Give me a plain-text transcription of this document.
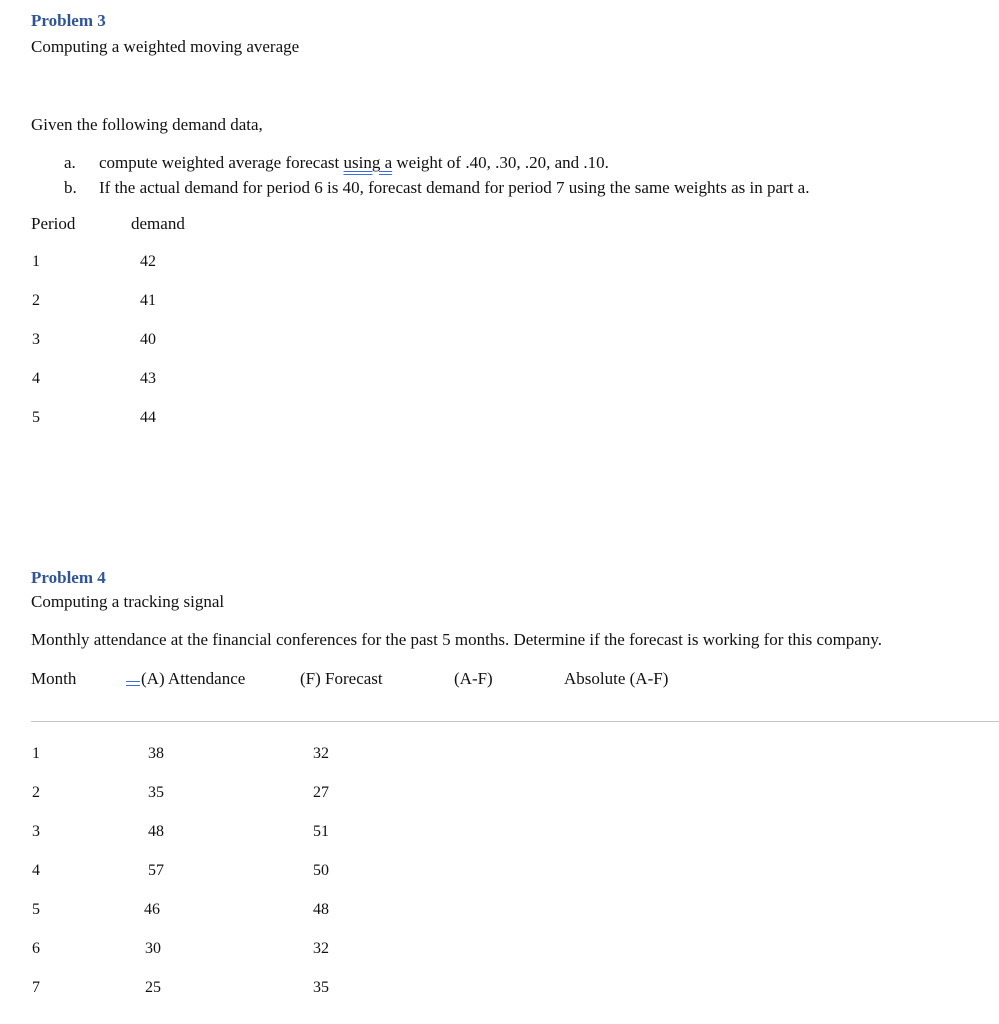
Problem 3
Computing a weighted moving average
Given the following demand data,
a. compute weighted average forecast using a weight of .40, .30, .20, and .10.
b. If the actual demand for period 6 is 40, forecast demand for period 7 using the same weights as in part a.
Period	demand
1	42
2	41
3	40
4	43
5	44
Problem 4
Computing a tracking signal
Monthly attendance at the financial conferences for the past 5 months. Determine if the forecast is working for this company.
Month	(A) Attendance	(F) Forecast	(A-F)	Absolute (A-F)
1	38	32
2	35	27
3	48	51
4	57	50
5	46	48
6	30	32
7	25	35
